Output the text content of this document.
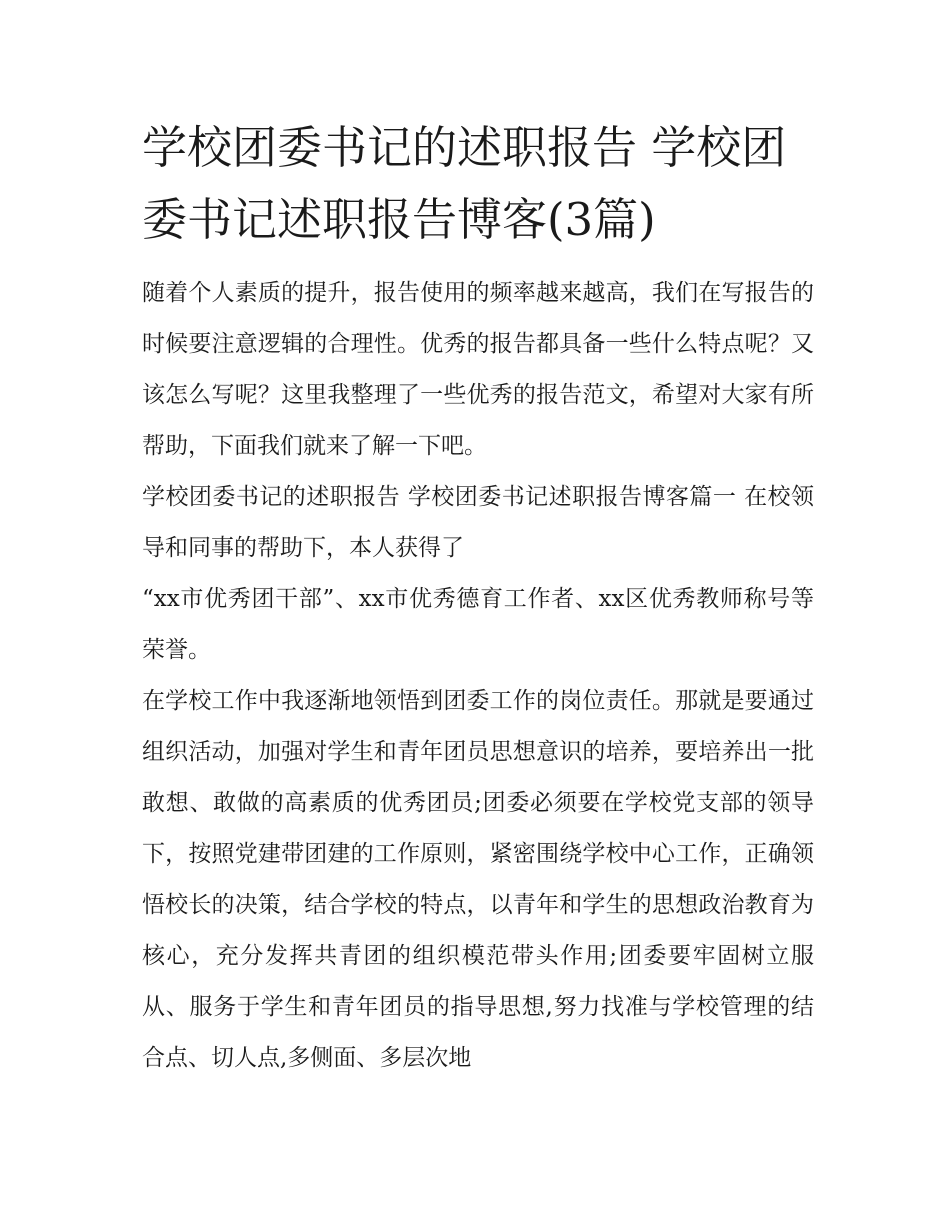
学校团委书记的述职报告 学校团委书记述职报告博客(3篇)

随着个人素质的提升，报告使用的频率越来越高，我们在写报告的时候要注意逻辑的合理性。优秀的报告都具备一些什么特点呢？又该怎么写呢？这里我整理了一些优秀的报告范文，希望对大家有所帮助，下面我们就来了解一下吧。

学校团委书记的述职报告 学校团委书记述职报告博客篇一 在校领导和同事的帮助下，本人获得了

“xx市优秀团干部”、xx市优秀德育工作者、xx区优秀教师称号等荣誉。

在学校工作中我逐渐地领悟到团委工作的岗位责任。那就是要通过组织活动，加强对学生和青年团员思想意识的培养，要培养出一批敢想、敢做的高素质的优秀团员;团委必须要在学校党支部的领导下，按照党建带团建的工作原则，紧密围绕学校中心工作，正确领悟校长的决策，结合学校的特点，以青年和学生的思想政治教育为核心，充分发挥共青团的组织模范带头作用;团委要牢固树立服从、服务于学生和青年团员的指导思想,努力找准与学校管理的结合点、切人点,多侧面、多层次地
